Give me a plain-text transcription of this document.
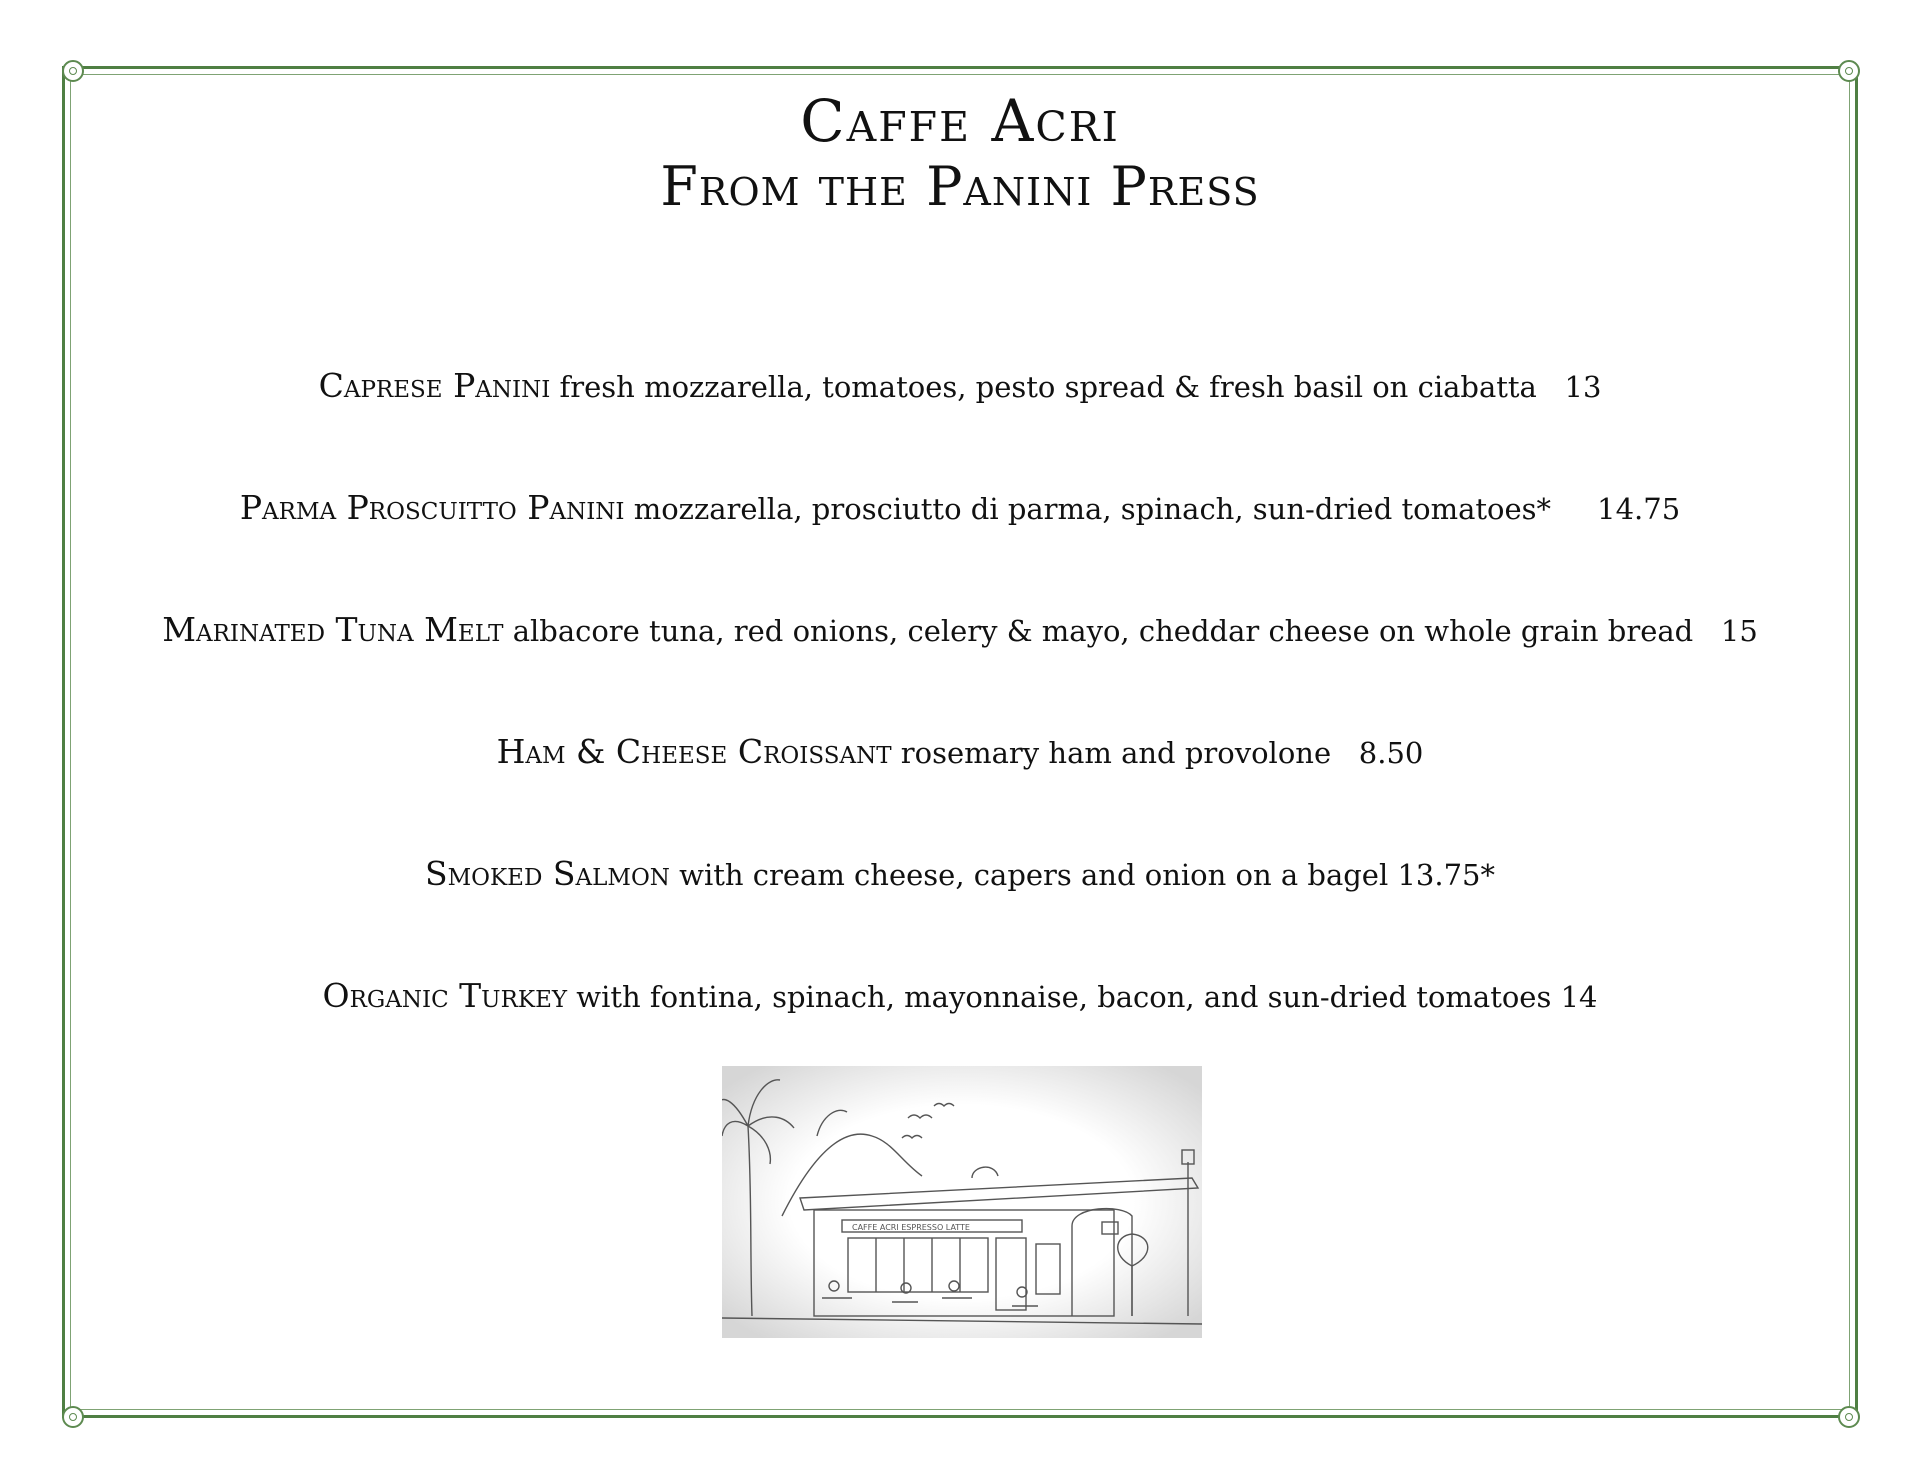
Caffe Acri
From the Panini Press
Caprese Panini fresh mozzarella, tomatoes, pesto spread & fresh basil on ciabatta 13
Parma Proscuitto Panini mozzarella, prosciutto di parma, spinach, sun-dried tomatoes* 14.75
Marinated Tuna Melt albacore tuna, red onions, celery & mayo, cheddar cheese on whole grain bread 15
Ham & Cheese Croissant rosemary ham and provolone 8.50
Smoked Salmon with cream cheese, capers and onion on a bagel 13.75*
Organic Turkey with fontina, spinach, mayonnaise, bacon, and sun-dried tomatoes 14
CAFFE ACRI ESPRESSO LATTE
